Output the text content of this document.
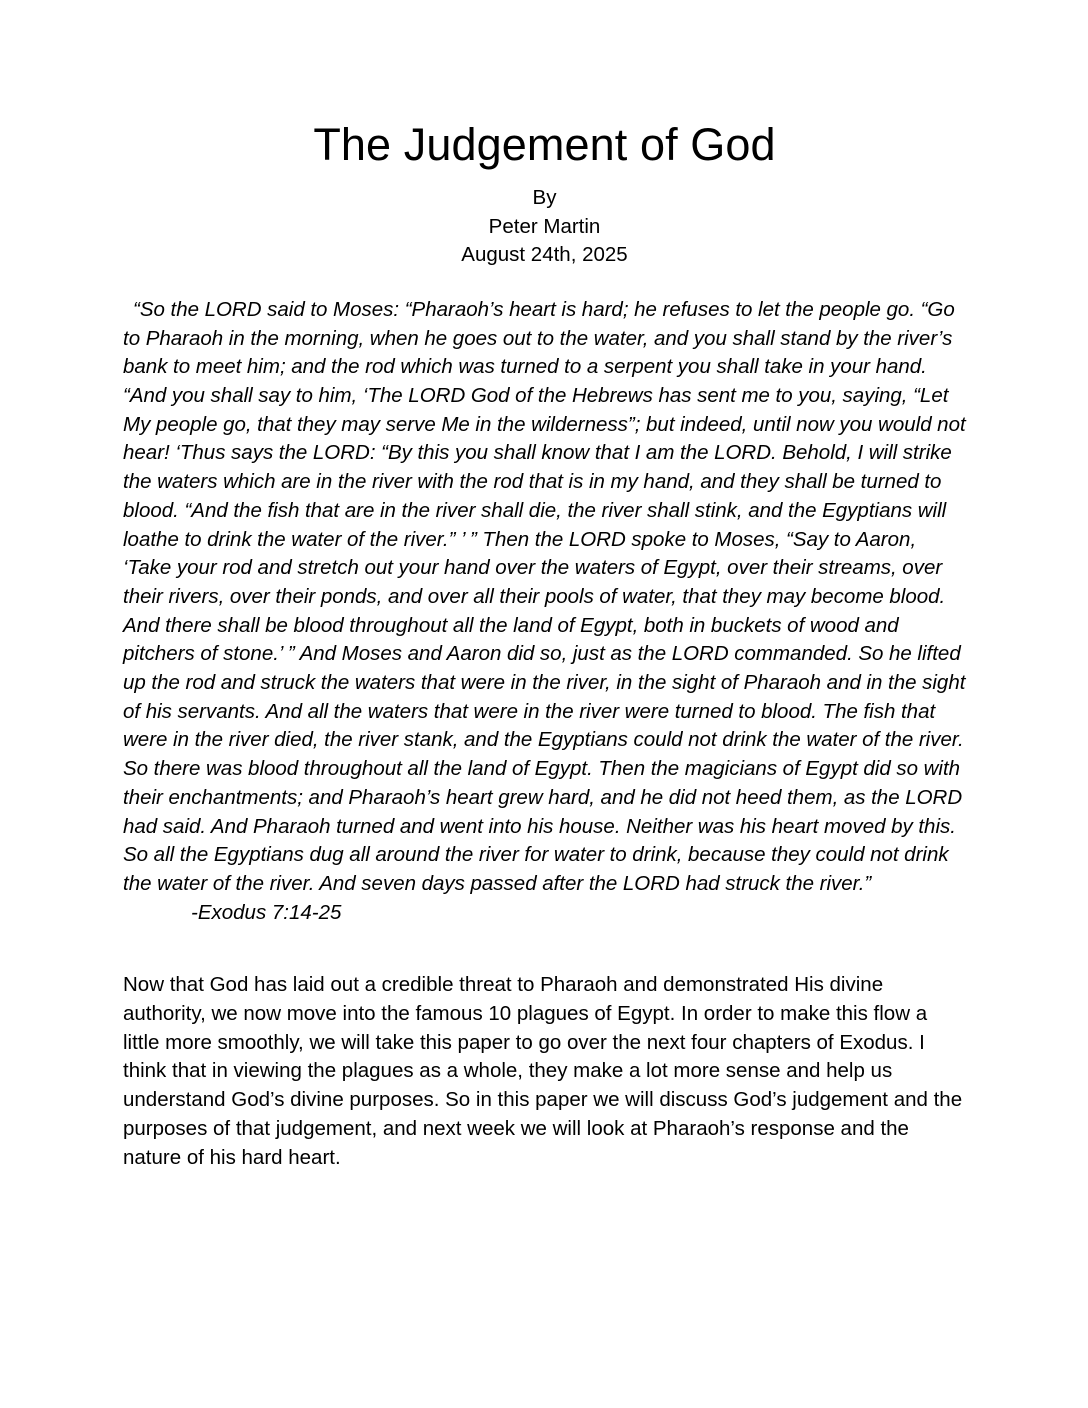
The Judgement of God
By
Peter Martin
August 24th, 2025

“So the LORD said to Moses: “Pharaoh’s heart is hard; he refuses to let the people go. “Go to Pharaoh in the morning, when he goes out to the water, and you shall stand by the river’s bank to meet him; and the rod which was turned to a serpent you shall take in your hand. “And you shall say to him, ‘The LORD God of the Hebrews has sent me to you, saying, “Let My people go, that they may serve Me in the wilderness”; but indeed, until now you would not hear! ‘Thus says the LORD: “By this you shall know that I am the LORD. Behold, I will strike the waters which are in the river with the rod that is in my hand, and they shall be turned to blood. “And the fish that are in the river shall die, the river shall stink, and the Egyptians will loathe to drink the water of the river.” ’ ” Then the LORD spoke to Moses, “Say to Aaron, ‘Take your rod and stretch out your hand over the waters of Egypt, over their streams, over their rivers, over their ponds, and over all their pools of water, that they may become blood. And there shall be blood throughout all the land of Egypt, both in buckets of wood and pitchers of stone.’ ” And Moses and Aaron did so, just as the LORD commanded. So he lifted up the rod and struck the waters that were in the river, in the sight of Pharaoh and in the sight of his servants. And all the waters that were in the river were turned to blood. The fish that were in the river died, the river stank, and the Egyptians could not drink the water of the river. So there was blood throughout all the land of Egypt. Then the magicians of Egypt did so with their enchantments; and Pharaoh’s heart grew hard, and he did not heed them, as the LORD had said. And Pharaoh turned and went into his house. Neither was his heart moved by this. So all the Egyptians dug all around the river for water to drink, because they could not drink the water of the river. And seven days passed after the LORD had struck the river.”

-Exodus 7:14-25

Now that God has laid out a credible threat to Pharaoh and demonstrated His divine authority, we now move into the famous 10 plagues of Egypt. In order to make this flow a little more smoothly, we will take this paper to go over the next four chapters of Exodus. I think that in viewing the plagues as a whole, they make a lot more sense and help us understand God’s divine purposes. So in this paper we will discuss God’s judgement and the purposes of that judgement, and next week we will look at Pharaoh’s response and the nature of his hard heart.
